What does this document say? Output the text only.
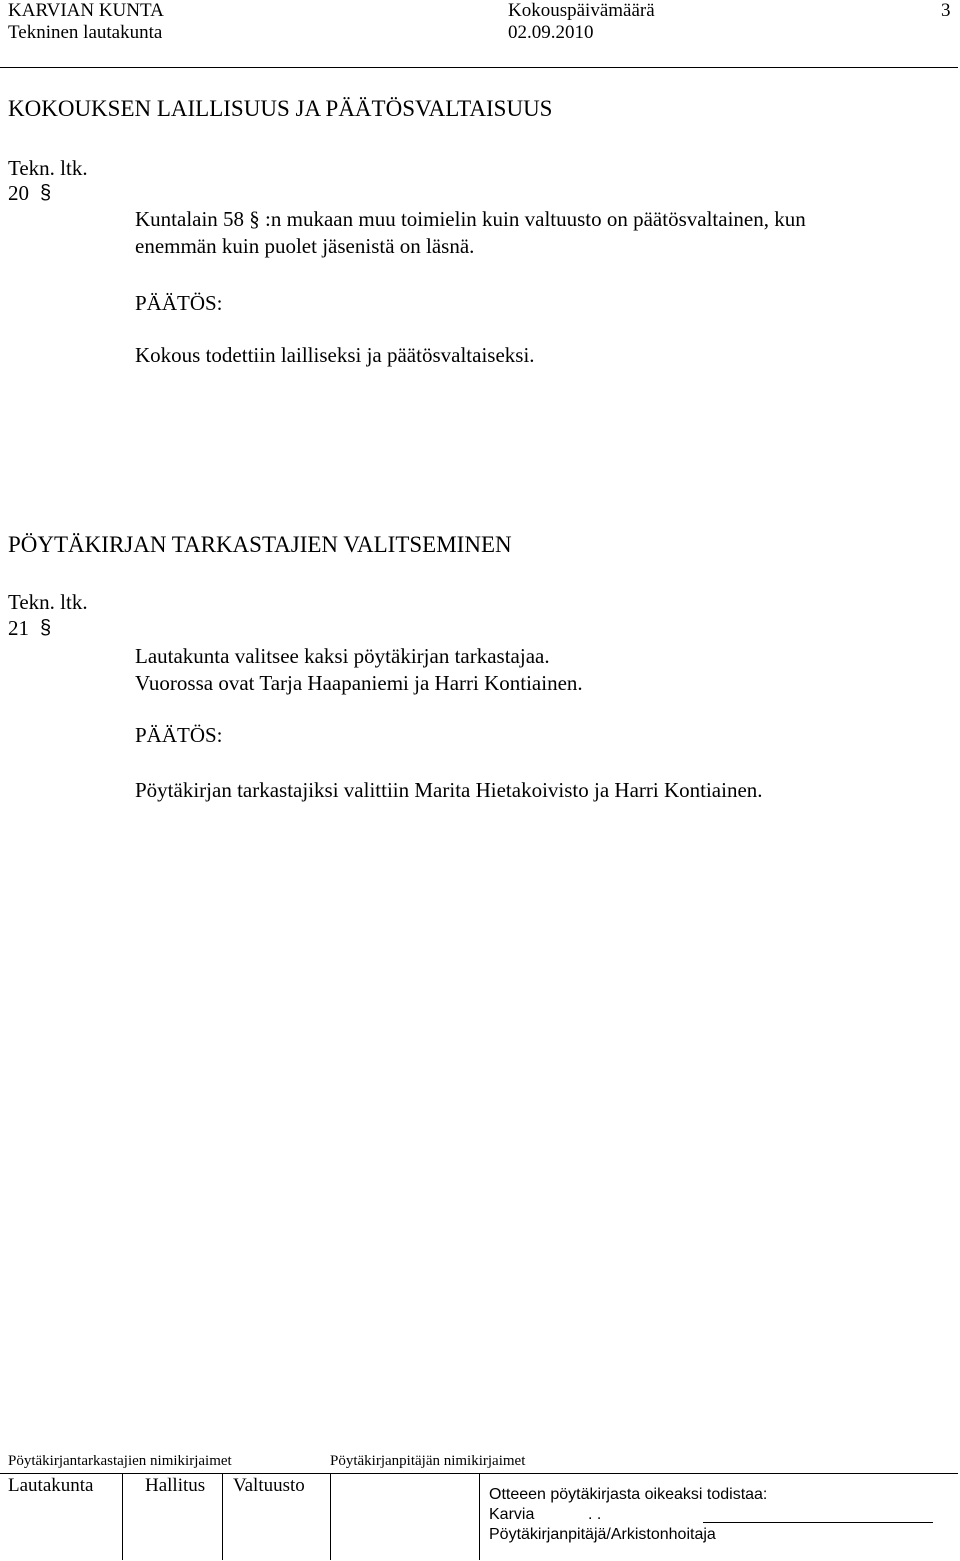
KARVIAN KUNTA
Tekninen lautakunta
Kokouspäivämäärä
02.09.2010
3
KOKOUKSEN LAILLISUUS JA PÄÄTÖSVALTAISUUS
Tekn. ltk.
20 §
Kuntalain 58 § :n mukaan muu toimielin kuin valtuusto on päätösvaltainen, kun
enemmän kuin puolet jäsenistä on läsnä.
PÄÄTÖS:
Kokous todettiin lailliseksi ja päätösvaltaiseksi.
PÖYTÄKIRJAN TARKASTAJIEN VALITSEMINEN
Tekn. ltk.
21 §
Lautakunta valitsee kaksi pöytäkirjan tarkastajaa.
Vuorossa ovat Tarja Haapaniemi ja Harri Kontiainen.
PÄÄTÖS:
Pöytäkirjan tarkastajiksi valittiin Marita Hietakoivisto ja Harri Kontiainen.
Pöytäkirjantarkastajien nimikirjaimet	Pöytäkirjanpitäjän nimikirjaimet
Lautakunta	Hallitus Valtuusto	Otteeen pöytäkirjasta oikeaksi todistaa:
Karvia	. .
Pöytäkirjanpitäjä/Arkistonhoitaja
